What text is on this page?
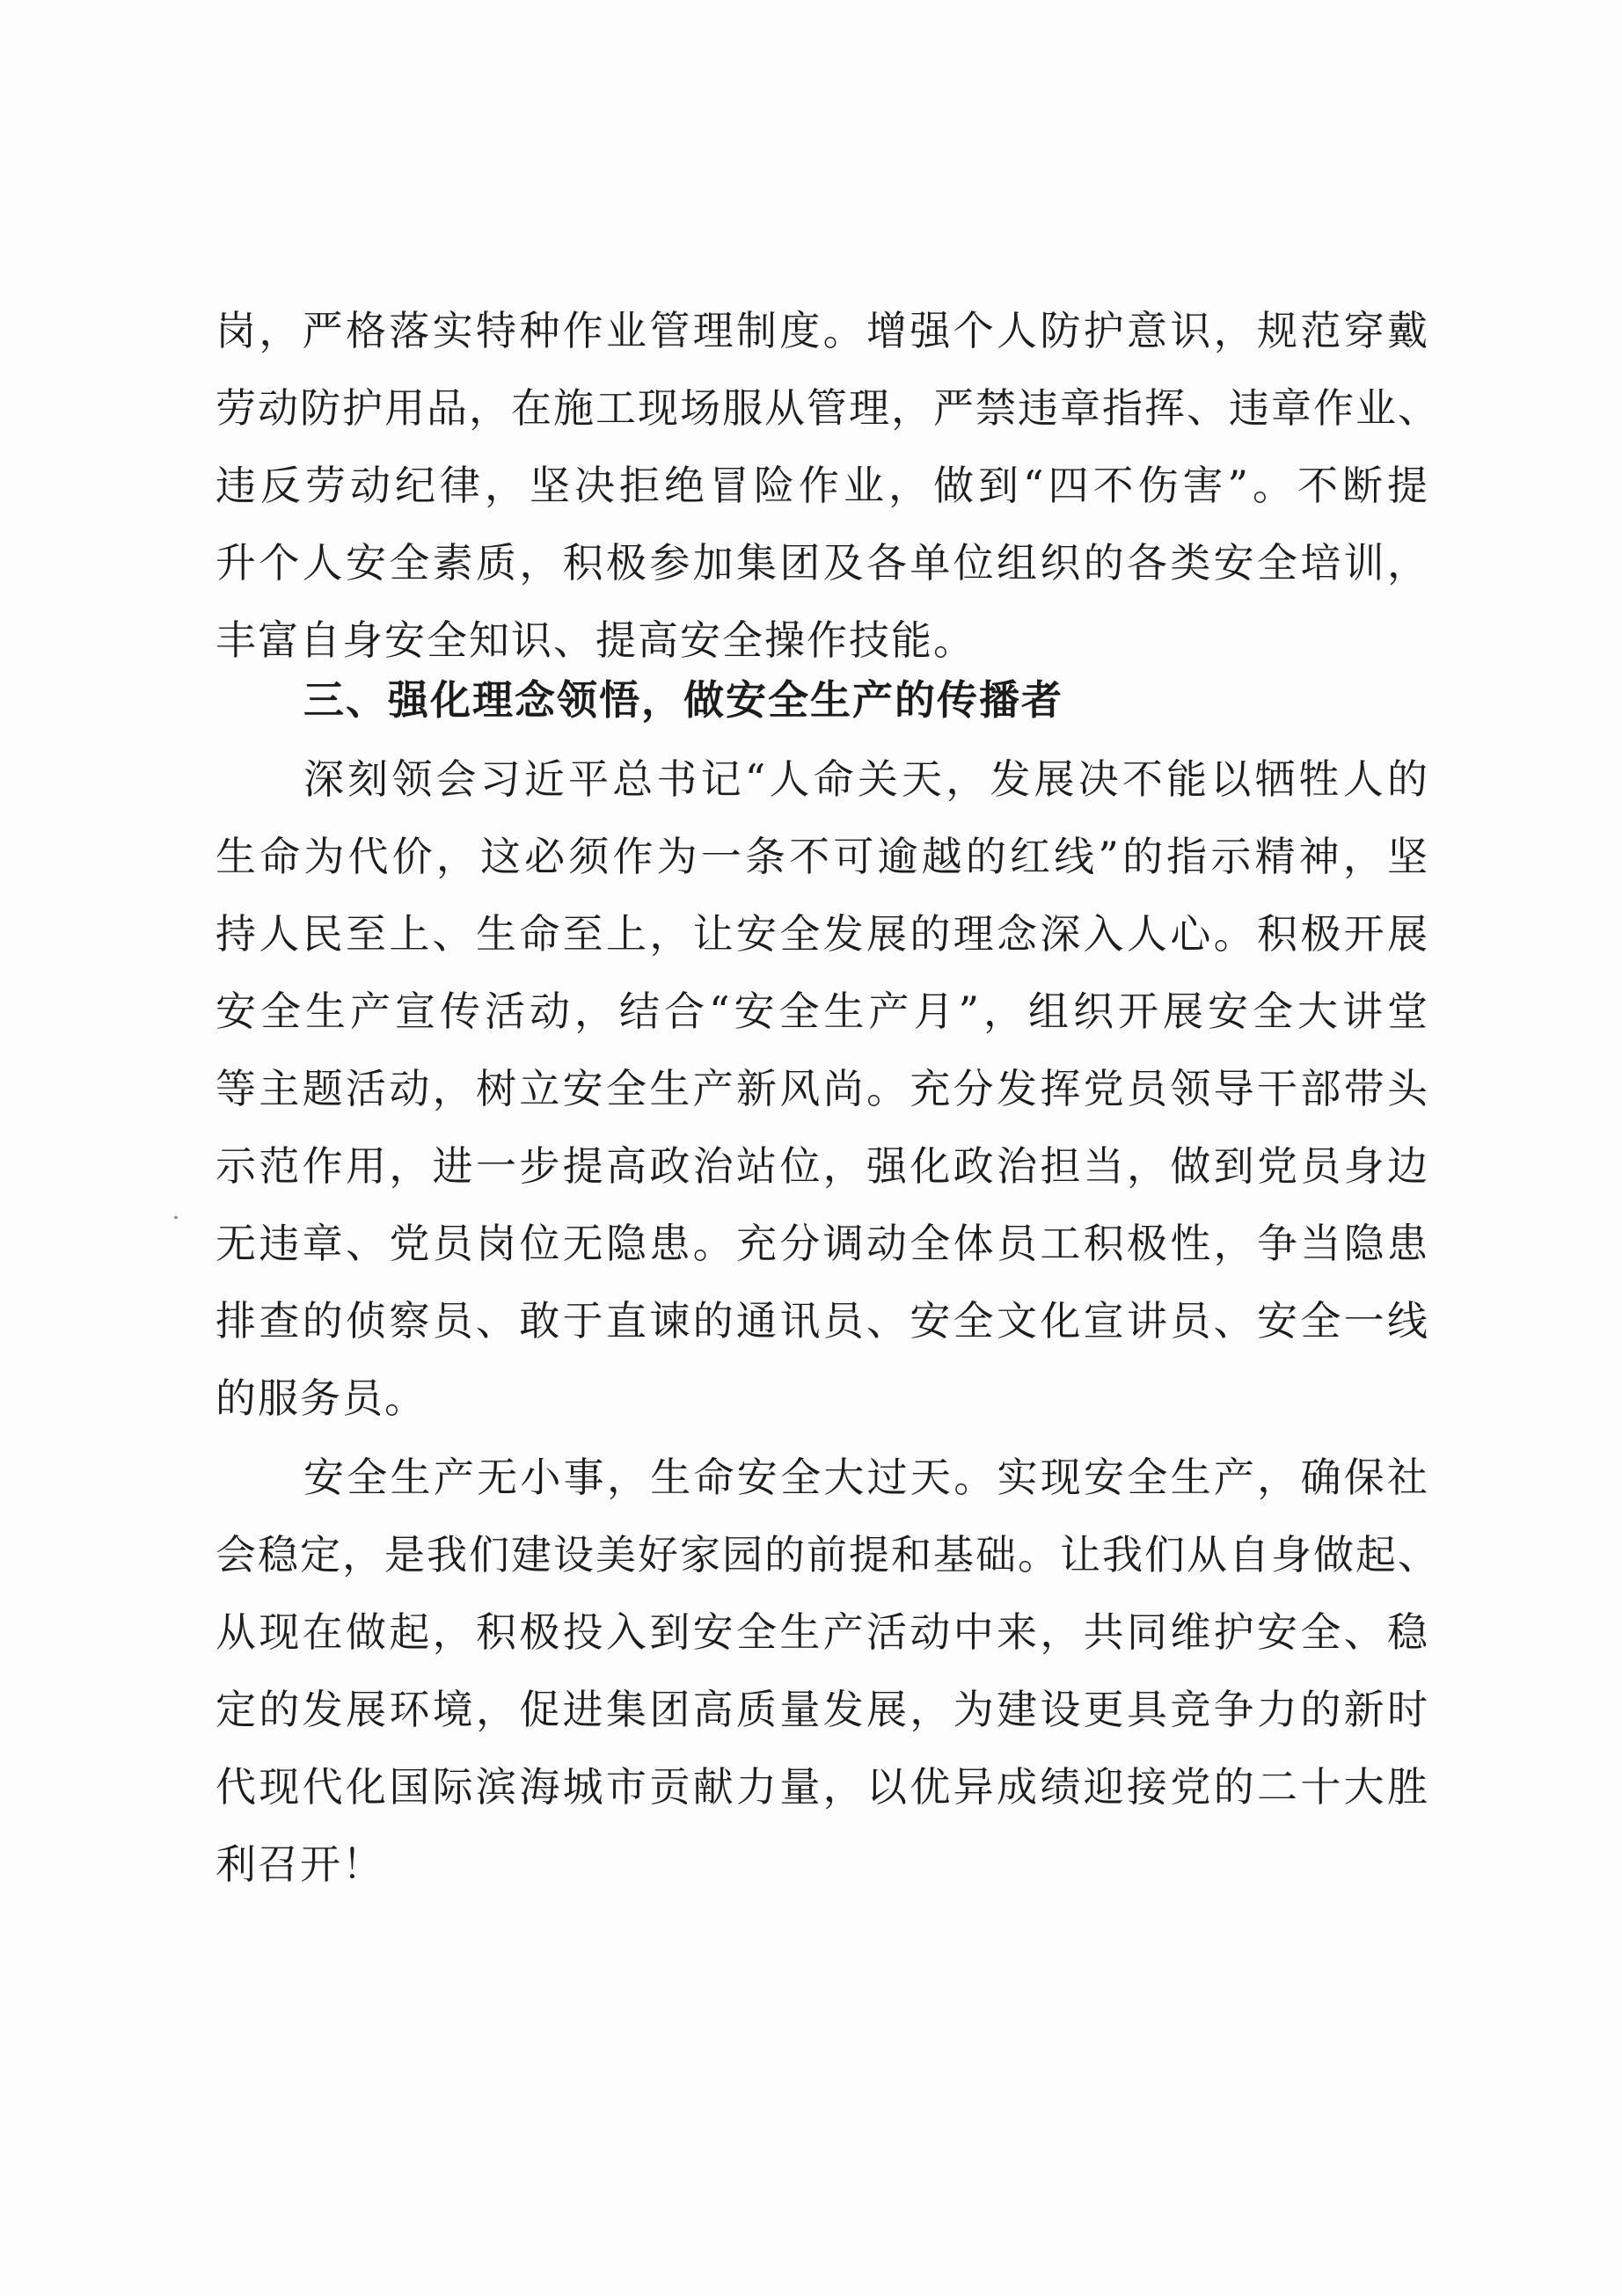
岗，严格落实特种作业管理制度。增强个人防护意识，规范穿戴
劳动防护用品，在施工现场服从管理，严禁违章指挥、违章作业、
违反劳动纪律，坚决拒绝冒险作业，做到“四不伤害”。不断提
升个人安全素质，积极参加集团及各单位组织的各类安全培训，
丰富自身安全知识、提高安全操作技能。
三、强化理念领悟，做安全生产的传播者
深刻领会习近平总书记“人命关天，发展决不能以牺牲人的
生命为代价，这必须作为一条不可逾越的红线”的指示精神，坚
持人民至上、生命至上，让安全发展的理念深入人心。积极开展
安全生产宣传活动，结合“安全生产月”，组织开展安全大讲堂
等主题活动，树立安全生产新风尚。充分发挥党员领导干部带头
示范作用，进一步提高政治站位，强化政治担当，做到党员身边
无违章、党员岗位无隐患。充分调动全体员工积极性，争当隐患
排查的侦察员、敢于直谏的通讯员、安全文化宣讲员、安全一线
的服务员。
安全生产无小事，生命安全大过天。实现安全生产，确保社
会稳定，是我们建设美好家园的前提和基础。让我们从自身做起、
从现在做起，积极投入到安全生产活动中来，共同维护安全、稳
定的发展环境，促进集团高质量发展，为建设更具竞争力的新时
代现代化国际滨海城市贡献力量，以优异成绩迎接党的二十大胜
利召开！
